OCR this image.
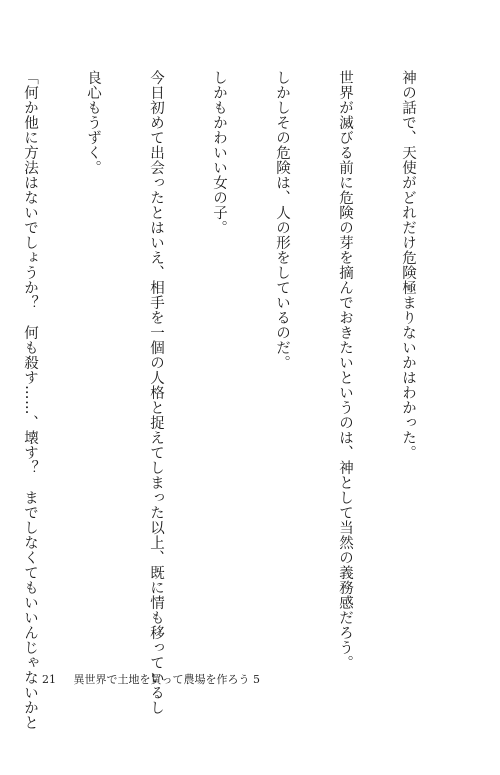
神の話で、天使がどれだけ危険極まりないかはわかった。

世界が滅びる前に危険の芽を摘んでおきたいというのは、神として当然の義務感だろう。

しかしその危険は、人の形をしているのだ。

しかもかわいい女の子。

今日初めて出会ったとはいえ、相手を一個の人格と捉えてしまった以上、既に情も移っているし

良心もうずく。

「何か他に方法はないでしょうか？　何も殺す……、壊す？　までしなくてもいいんじゃないかと

21 異世界で土地を買って農場を作ろう 5
